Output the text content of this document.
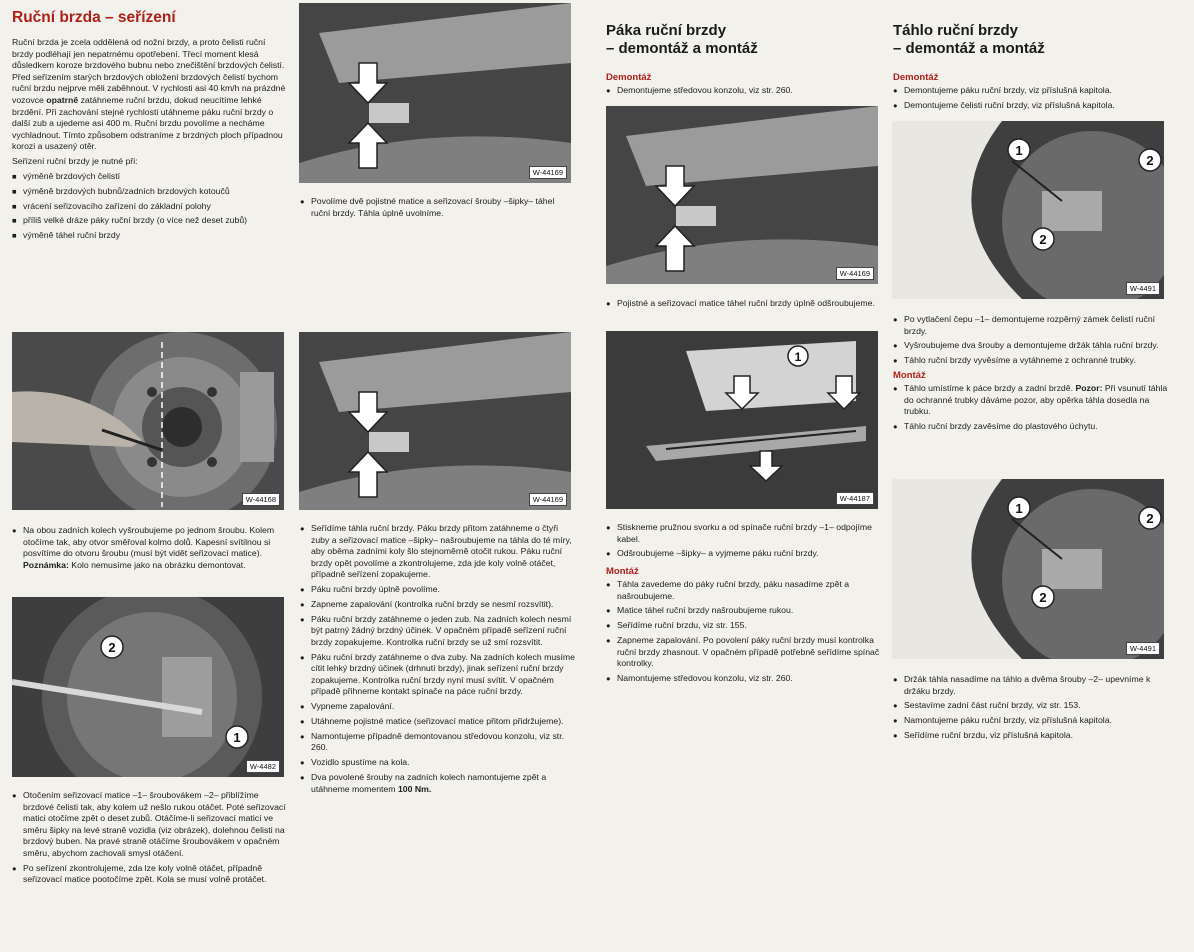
Ruční brzda – seřízení

Ruční brzda je zcela oddělená od nožní brzdy, a proto čelisti ruční brzdy podléhají jen nepatrnému opotřebení. Třecí moment klesá důsledkem koroze brzdového bubnu nebo znečištění brzdových čelistí. Před seřízením starých brzdových obložení brzdových čelistí bychom ruční brzdu nejprve měli zaběhnout. V rychlosti asi 40 km/h na prázdné vozovce opatrně zatáhneme ruční brzdu, dokud neucítíme lehké brzdění. Při zachování stejné rychlosti utáhneme páku ruční brzdy o další zub a ujedeme asi 400 m. Ruční brzdu povolíme a necháme vychladnout. Tímto způsobem odstraníme z brzdných ploch případnou korozi a usazený otěr.

Seřízení ruční brzdy je nutné při:

■ výměně brzdových čelistí
■ výměně brzdových bubnů/zadních brzdových kotoučů
■ vrácení seřizovacího zařízení do základní polohy
■ příliš velké dráze páky ruční brzdy (o více než deset zubů)
■ výměně táhel ruční brzdy
W-44168
● Na obou zadních kolech vyšroubujeme po jednom šroubu. Kolem otočíme tak, aby otvor směřoval kolmo dolů. Kapesní svítilnou si posvítíme do otvoru šroubu (musí být vidět seřizovací matice). Poznámka: Kolo nemusíme jako na obrázku demontovat.
2
1
W-4482
● Otočením seřizovací matice –1– šroubovákem –2– přiblížíme brzdové čelisti tak, aby kolem už nešlo rukou otáčet. Poté seřizovací matici otočíme zpět o deset zubů. Otáčíme-li seřizovací maticí ve směru šipky na levé straně vozidla (viz obrázek), dolehnou čelisti na brzdový buben. Na pravé straně otáčíme šroubovákem v opačném směru, abychom zachovali smysl otáčení.
● Po seřízení zkontrolujeme, zda lze koly volně otáčet, případně seřizovací matice pootočíme zpět. Kola se musí volně protáčet.
W-44169
● Povolíme dvě pojistné matice a seřizovací šrouby –šipky– táhel ruční brzdy. Táhla úplně uvolníme.
W-44169
● Seřídíme táhla ruční brzdy. Páku brzdy přitom zatáhneme o čtyři zuby a seřizovací matice –šipky– našroubujeme na táhla do té míry, aby oběma zadními koly šlo stejnoměrně otočit rukou. Páku ruční brzdy opět povolíme a zkontrolujeme, zda jde koly volně otáčet, případně seřízení zopakujeme.
● Páku ruční brzdy úplně povolíme.
● Zapneme zapalování (kontrolka ruční brzdy se nesmí rozsvítit).
● Páku ruční brzdy zatáhneme o jeden zub. Na zadních kolech nesmí být patrný žádný brzdný účinek. V opačném případě seřízení ruční brzdy zopakujeme. Kontrolka ruční brzdy se už smí rozsvítit.
● Páku ruční brzdy zatáhneme o dva zuby. Na zadních kolech musíme cítit lehký brzdný účinek (drhnutí brzdy), jinak seřízení ruční brzdy zopakujeme. Kontrolka ruční brzdy nyní musí svítit. V opačném případě přihneme kontakt spínače na páce ruční brzdy.
● Vypneme zapalování.
● Utáhneme pojistné matice (seřizovací matice přitom přidržujeme).
● Namontujeme případně demontovanou středovou konzolu, viz str. 260.
● Vozidlo spustíme na kola.
● Dva povolené šrouby na zadních kolech namontujeme zpět a utáhneme momentem 100 Nm.
Páka ruční brzdy
– demontáž a montáž
Demontáž
● Demontujeme středovou konzolu, viz str. 260.
W-44169
● Pojistné a seřizovací matice táhel ruční brzdy úplně odšroubujeme.
1
W-44187
● Stiskneme pružnou svorku a od spínače ruční brzdy –1– odpojíme kabel.
● Odšroubujeme –šipky– a vyjmeme páku ruční brzdy.
Montáž
● Táhla zavedeme do páky ruční brzdy, páku nasadíme zpět a našroubujeme.
● Matice táhel ruční brzdy našroubujeme rukou.
● Seřídíme ruční brzdu, viz str. 155.
● Zapneme zapalování. Po povolení páky ruční brzdy musí kontrolka ruční brzdy zhasnout. V opačném případě potřebně seřídíme spínač kontrolky.
● Namontujeme středovou konzolu, viz str. 260.
Táhlo ruční brzdy
– demontáž a montáž
Demontáž
● Demontujeme páku ruční brzdy, viz příslušná kapitola.
● Demontujeme čelisti ruční brzdy, viz příslušná kapitola.
1
2
2
W-4491
● Po vytlačení čepu –1– demontujeme rozpěrný zámek čelistí ruční brzdy.
● Vyšroubujeme dva šrouby a demontujeme držák táhla ruční brzdy.
● Táhlo ruční brzdy vyvěsíme a vytáhneme z ochranné trubky.
Montáž
● Táhlo umístíme k páce brzdy a zadní brzdě. Pozor: Při vsunutí táhla do ochranné trubky dáváme pozor, aby opěrka táhla dosedla na trubku.
● Táhlo ruční brzdy zavěsíme do plastového úchytu.
1
2
2
W-4491
● Držák táhla nasadíme na táhlo a dvěma šrouby –2– upevníme k držáku brzdy.
● Sestavíme zadní část ruční brzdy, viz str. 153.
● Namontujeme páku ruční brzdy, viz příslušná kapitola.
● Seřídíme ruční brzdu, viz příslušná kapitola.
